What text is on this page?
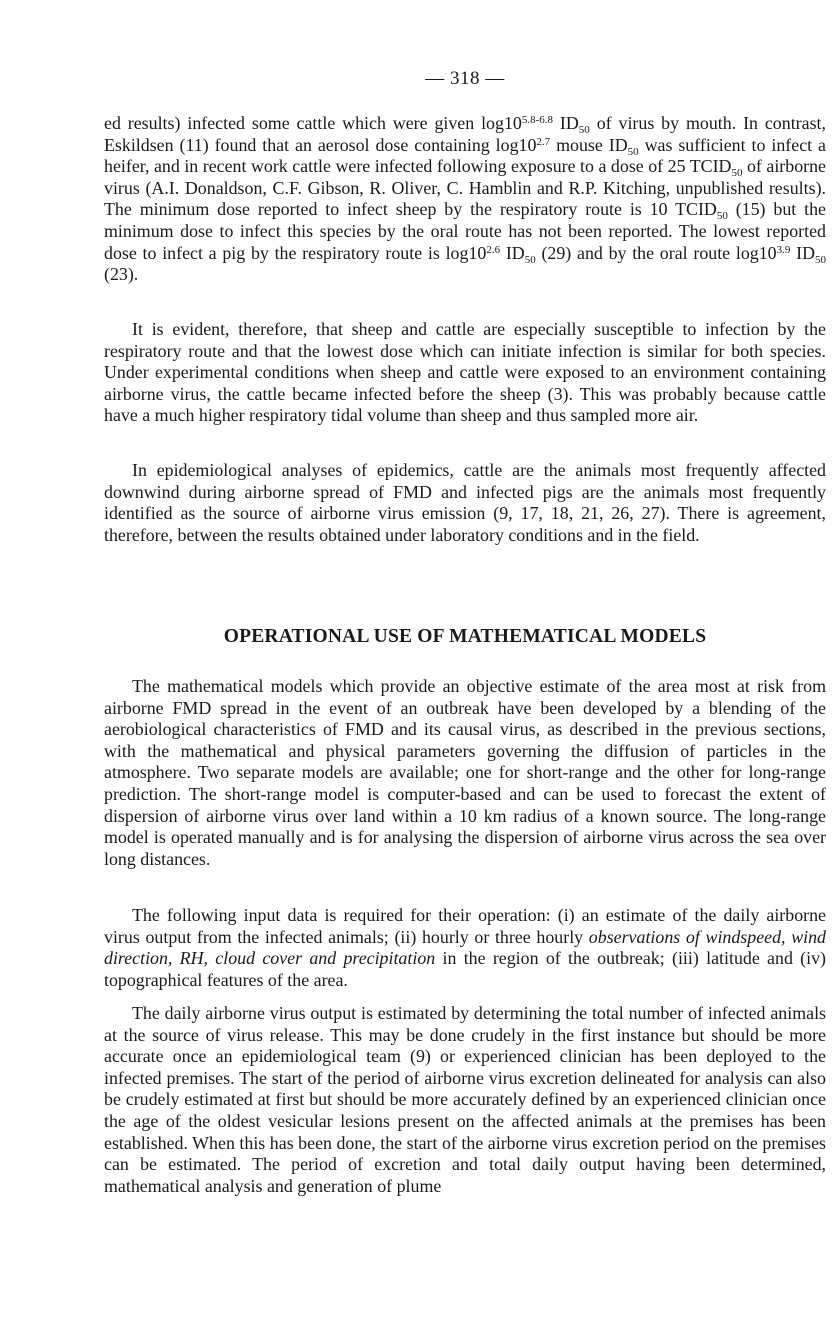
— 318 —

ed results) infected some cattle which were given $\log 10^{5.8-6.8}$ $ID_{50}$ of virus by mouth. In contrast, Eskildsen (11) found that an aerosol dose containing $\log 10^{2.7}$ mouse $ID_{50}$ was sufficient to infect a heifer, and in recent work cattle were infected following exposure to a dose of 25 $TCID_{50}$ of airborne virus (A.I. Donaldson, C.F. Gibson, R. Oliver, C. Hamblin and R.P. Kitching, unpublished results). The minimum dose reported to infect sheep by the respiratory route is 10 $TCID_{50}$ (15) but the minimum dose to infect this species by the oral route has not been reported. The lowest reported dose to infect a pig by the respiratory route is $\log 10^{2.6}$ $ID_{50}$ (29) and by the oral route $\log 10^{3.9}$ $ID_{50}$ (23).

It is evident, therefore, that sheep and cattle are especially susceptible to infection by the respiratory route and that the lowest dose which can initiate infection is similar for both species. Under experimental conditions when sheep and cattle were exposed to an environment containing airborne virus, the cattle became infected before the sheep (3). This was probably because cattle have a much higher respiratory tidal volume than sheep and thus sampled more air.

In epidemiological analyses of epidemics, cattle are the animals most frequently affected downwind during airborne spread of FMD and infected pigs are the animals most frequently identified as the source of airborne virus emission (9, 17, 18, 21, 26, 27). There is agreement, therefore, between the results obtained under laboratory conditions and in the field.

OPERATIONAL USE OF MATHEMATICAL MODELS

The mathematical models which provide an objective estimate of the area most at risk from airborne FMD spread in the event of an outbreak have been developed by a blending of the aerobiological characteristics of FMD and its causal virus, as described in the previous sections, with the mathematical and physical parameters governing the diffusion of particles in the atmosphere. Two separate models are available; one for short-range and the other for long-range prediction. The short-range model is computer-based and can be used to forecast the extent of dispersion of airborne virus over land within a 10 km radius of a known source. The long-range model is operated manually and is for analysing the dispersion of airborne virus across the sea over long distances.

The following input data is required for their operation: (i) an estimate of the daily airborne virus output from the infected animals; (ii) hourly or three hourly observations of windspeed, wind direction, RH, cloud cover and precipitation in the region of the outbreak; (iii) latitude and (iv) topographical features of the area.

The daily airborne virus output is estimated by determining the total number of infected animals at the source of virus release. This may be done crudely in the first instance but should be more accurate once an epidemiological team (9) or experienced clinician has been deployed to the infected premises. The start of the period of airborne virus excretion delineated for analysis can also be crudely estimated at first but should be more accurately defined by an experienced clinician once the age of the oldest vesicular lesions present on the affected animals at the premises has been established. When this has been done, the start of the airborne virus excretion period on the premises can be estimated. The period of excretion and total daily output having been determined, mathematical analysis and generation of plume
